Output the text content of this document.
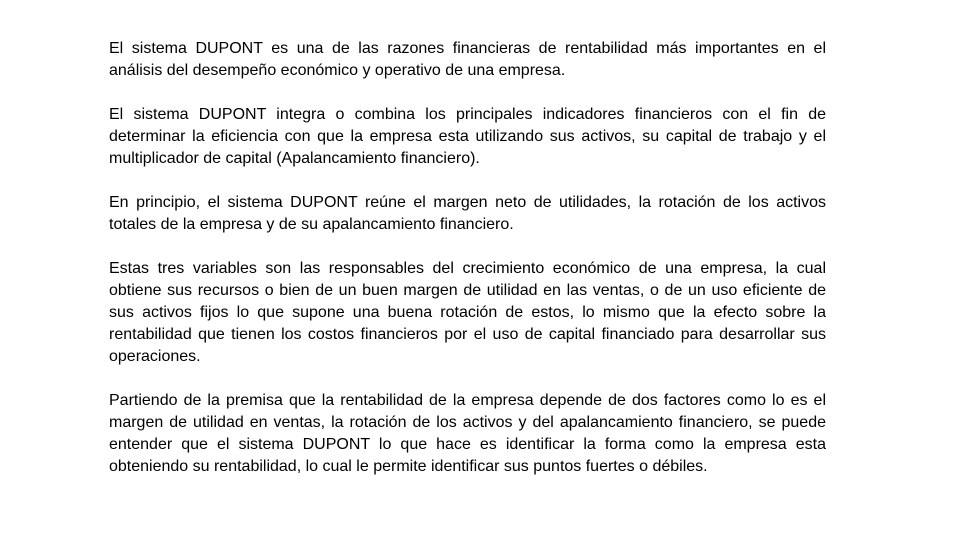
El sistema DUPONT es una de las razones financieras de rentabilidad más importantes en el análisis del desempeño económico y operativo de una empresa.

El sistema DUPONT integra o combina los principales indicadores financieros con el fin de determinar la eficiencia con que la empresa esta utilizando sus activos, su capital de trabajo y el multiplicador de capital (Apalancamiento financiero).

En principio, el sistema DUPONT reúne el margen neto de utilidades, la rotación de los activos totales de la empresa y de su apalancamiento financiero.

Estas tres variables son las responsables del crecimiento económico de una empresa, la cual obtiene sus recursos o bien de un buen margen de utilidad en las ventas, o de un uso eficiente de sus activos fijos lo que supone una buena rotación de estos, lo mismo que la efecto sobre la rentabilidad que tienen los costos financieros por el uso de capital financiado para desarrollar sus operaciones.

Partiendo de la premisa que la rentabilidad de la empresa depende de dos factores como lo es el margen de utilidad en ventas, la rotación de los activos y del apalancamiento financiero, se puede entender que el sistema DUPONT lo que hace es identificar la forma como la empresa esta obteniendo su rentabilidad, lo cual le permite identificar sus puntos fuertes o débiles.
